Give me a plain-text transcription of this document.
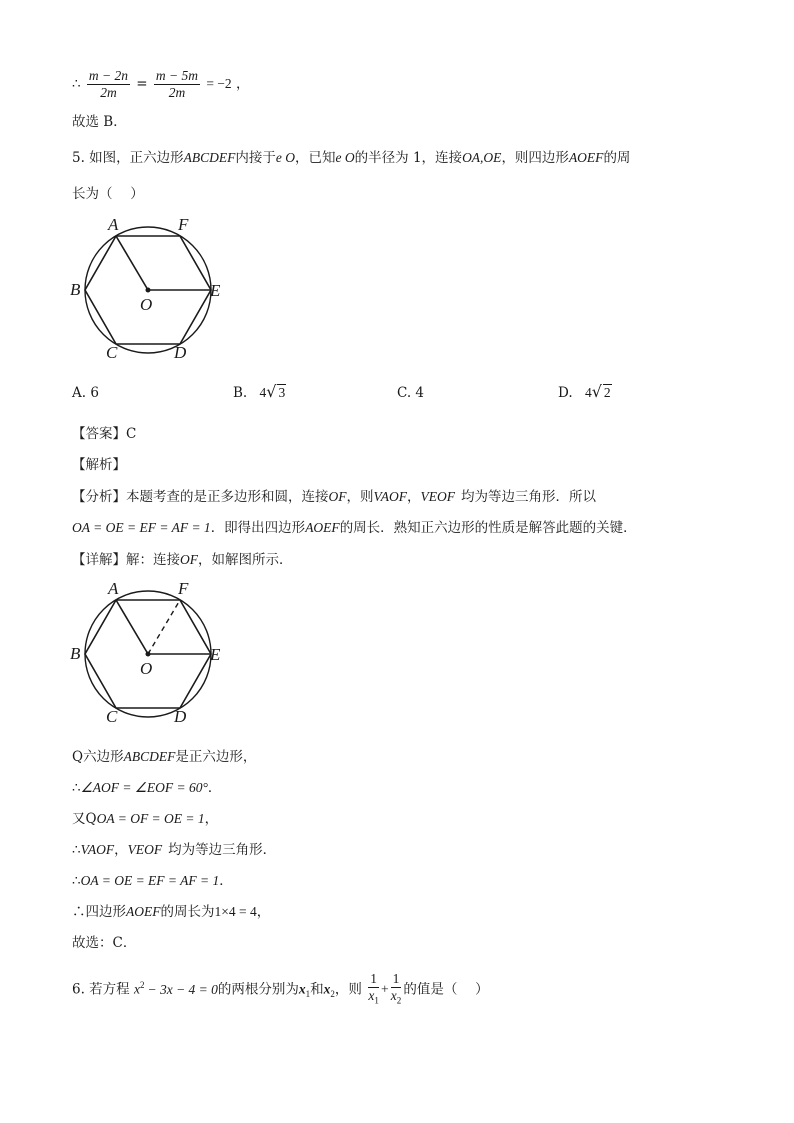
∴ $\frac{m - 2n}{2m} = \frac{m - 5m}{2m} = -2$ ，
故选 B．
5. 如图，正六边形ABCDEF内接于e O，已知e O的半径为 1，连接OA,OE，则四边形AOEF的周
长为（　 ）
A	F
B	E
O
C	D
A. 6	B. 4√ 3	C. 4	D. 4√ 2
【答案】C
【解析】
【分析】本题考查的是正多边形和圆，连接OF，则VAOF，VEOF 均为等边三角形．所以
OA = OE = EF = AF = 1．即得出四边形AOEF的周长．熟知正六边形的性质是解答此题的关键．
【详解】解：连接OF，如解图所示．
A	F
B	E
O
C	D
Q六边形ABCDEF是正六边形，
∴∠AOF = ∠EOF = 60°．
又QOA = OF = OE = 1，
∴VAOF，VEOF 均为等边三角形．
∴OA = OE = EF = AF = 1．
∴四边形AOEF的周长为1×4 = 4，
故选：C．
6. 若方程 $x^2 - 3x - 4 = 0$的两根分别为$x_1$和$x_2$，则 $\frac{1}{x_1} + \frac{1}{x_2}$ 的值是（　 ）
